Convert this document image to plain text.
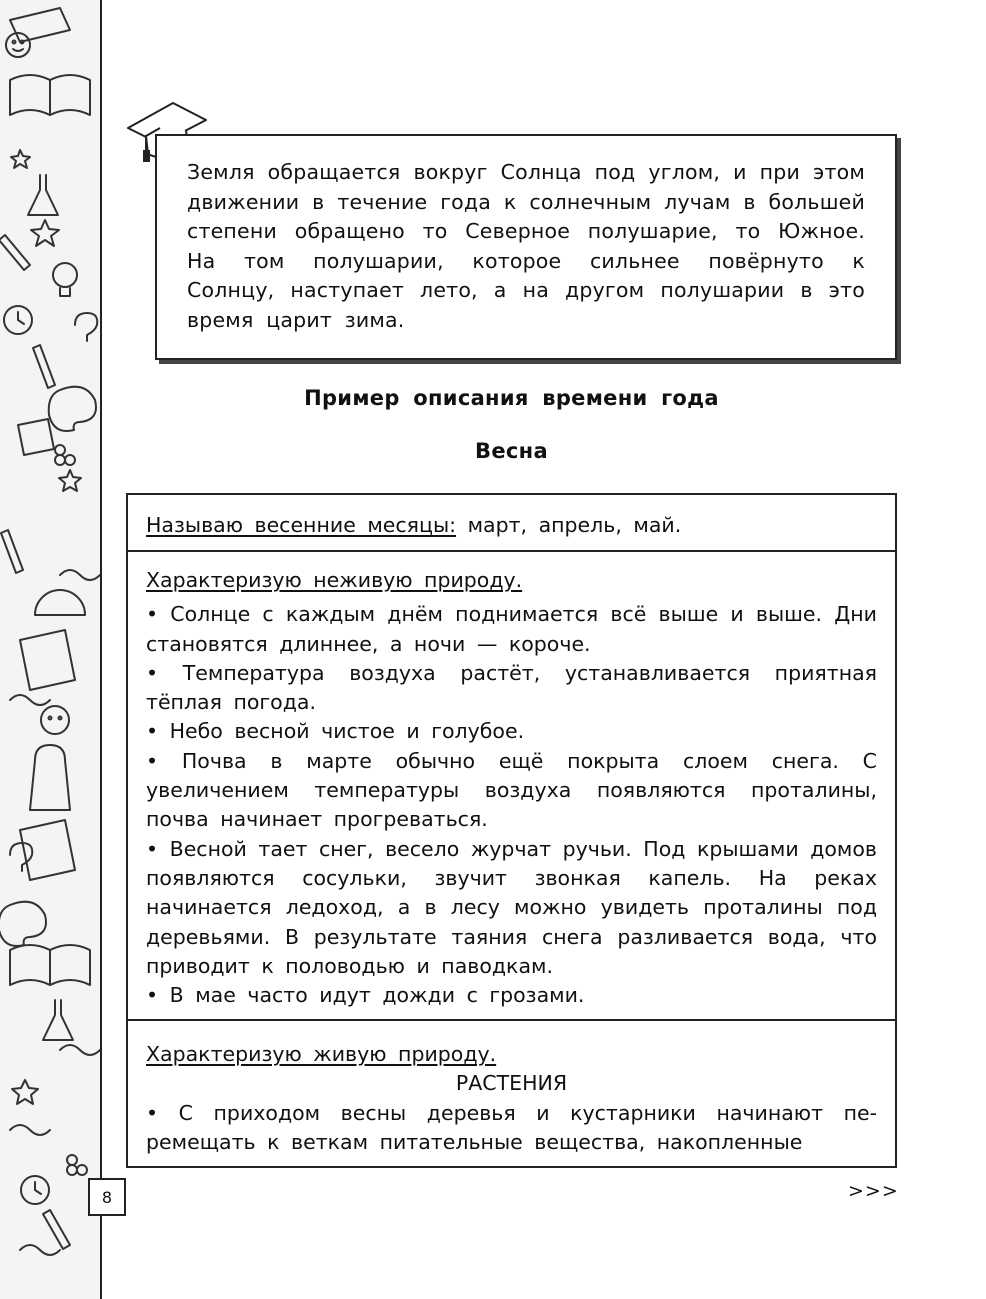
8
Земля обращается вокруг Солнца под углом, и при этом движении в течение года к солнечным лучам в большей степени обращено то Северное полушарие, то Южное. На том полушарии, которое сильнее повёрнуто к Солнцу, наступает лето, а на другом полушарии в это время царит зима.
Пример описания времени года
Весна
Называю весенние месяцы: март, апрель, май.
Характеризую неживую природу.

• Солнце с каждым днём поднимается всё выше и выше. Дни становятся длиннее, а ночи — короче.

• Температура воздуха растёт, устанавливается приятная тёплая погода.

• Небо весной чистое и голубое.

• Почва в марте обычно ещё покрыта слоем снега. С увеличением температуры воздуха появляются проталины, почва начинает прогреваться.

• Весной тает снег, весело журчат ручьи. Под крышами домов появляются сосульки, звучит звонкая капель. На реках начинается ледоход, а в лесу можно увидеть проталины под деревьями. В результате таяния снега разливается вода, что приводит к половодью и паводкам.

• В мае часто идут дожди с грозами.

Характеризую живую природу.

РАСТЕНИЯ

• С приходом весны деревья и кустарники начинают перемещать к веткам питательные вещества, накопленные

>>>
